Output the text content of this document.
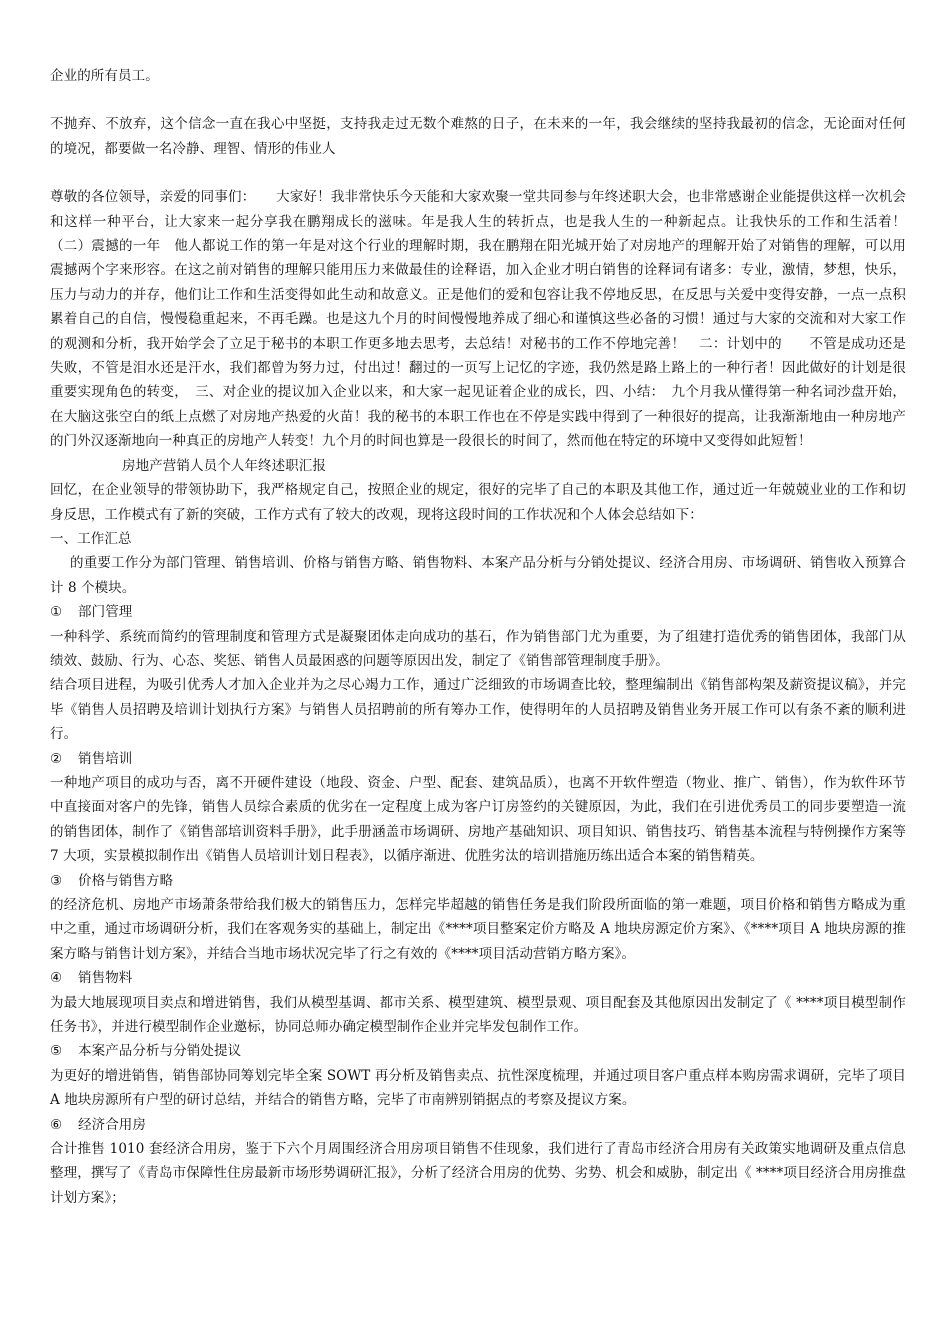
企业的所有员工。

不抛弃、不放弃，这个信念一直在我心中坚挺，支持我走过无数个难熬的日子，在未来的一年，我会继续的坚持我最初的信念，无论面对任何的境况，都要做一名冷静、理智、情形的伟业人

尊敬的各位领导，亲爱的同事们：　　大家好！我非常快乐今天能和大家欢聚一堂共同参与年终述职大会，也非常感谢企业能提供这样一次机会和这样一种平台，让大家来一起分享我在鹏翔成长的滋味。年是我人生的转折点，也是我人生的一种新起点。让我快乐的工作和生活着！　　（二）震撼的一年　他人都说工作的第一年是对这个行业的理解时期，我在鹏翔在阳光城开始了对房地产的理解开始了对销售的理解，可以用震撼两个字来形容。在这之前对销售的理解只能用压力来做最佳的诠释语，加入企业才明白销售的诠释词有诸多：专业，激情，梦想，快乐，压力与动力的并存，他们让工作和生活变得如此生动和故意义。正是他们的爱和包容让我不停地反思，在反思与关爱中变得安静，一点一点积累着自己的自信，慢慢稳重起来，不再毛躁。也是这九个月的时间慢慢地养成了细心和谨慎这些必备的习惯！通过与大家的交流和对大家工作的观测和分析，我开始学会了立足于秘书的本职工作更多地去思考，去总结！对秘书的工作不停地完善！　二：计划中的　　不管是成功还是失败，不管是泪水还是汗水，我们都曾为努力过，付出过！翻过的一页写上记忆的字迹，我仍然是路上路上的一种行者！因此做好的计划是很重要实现角色的转变，　三、对企业的提议加入企业以来，和大家一起见证着企业的成长，四、小结：　九个月我从懂得第一种名词沙盘开始，在大脑这张空白的纸上点燃了对房地产热爱的火苗！我的秘书的本职工作也在不停是实践中得到了一种很好的提高，让我渐渐地由一种房地产的门外汉逐渐地向一种真正的房地产人转变！九个月的时间也算是一段很长的时间了，然而他在特定的环境中又变得如此短暂！

房地产营销人员个人年终述职汇报

回忆，在企业领导的带领协助下，我严格规定自己，按照企业的规定，很好的完毕了自己的本职及其他工作，通过近一年兢兢业业的工作和切身反思，工作模式有了新的突破，工作方式有了较大的改观，现将这段时间的工作状况和个人体会总结如下：

一、工作汇总

的重要工作分为部门管理、销售培训、价格与销售方略、销售物料、本案产品分析与分销处提议、经济合用房、市场调研、销售收入预算合计 8 个模块。

① 部门管理

一种科学、系统而简约的管理制度和管理方式是凝聚团体走向成功的基石，作为销售部门尤为重要，为了组建打造优秀的销售团体，我部门从绩效、鼓励、行为、心态、奖惩、销售人员最困惑的问题等原因出发，制定了《销售部管理制度手册》。

结合项目进程，为吸引优秀人才加入企业并为之尽心竭力工作，通过广泛细致的市场调查比较，整理编制出《销售部构架及薪资提议稿》，并完毕《销售人员招聘及培训计划执行方案》与销售人员招聘前的所有筹办工作，使得明年的人员招聘及销售业务开展工作可以有条不紊的顺利进行。

② 销售培训

一种地产项目的成功与否，离不开硬件建设（地段、资金、户型、配套、建筑品质），也离不开软件塑造（物业、推广、销售），作为软件环节中直接面对客户的先锋，销售人员综合素质的优劣在一定程度上成为客户订房签约的关键原因，为此，我们在引进优秀员工的同步要塑造一流的销售团体，制作了《销售部培训资料手册》，此手册涵盖市场调研、房地产基础知识、项目知识、销售技巧、销售基本流程与特例操作方案等 7 大项，实景模拟制作出《销售人员培训计划日程表》，以循序渐进、优胜劣汰的培训措施历练出适合本案的销售精英。

③ 价格与销售方略

的经济危机、房地产市场萧条带给我们极大的销售压力，怎样完毕超越的销售任务是我们阶段所面临的第一难题，项目价格和销售方略成为重中之重，通过市场调研分析，我们在客观务实的基础上，制定出《****项目整案定价方略及 A 地块房源定价方案》、《****项目 A 地块房源的推案方略与销售计划方案》，并结合当地市场状况完毕了行之有效的《****项目活动营销方略方案》。

④ 销售物料

为最大地展现项目卖点和增进销售，我们从模型基调、都市关系、模型建筑、模型景观、项目配套及其他原因出发制定了《 ****项目模型制作任务书》，并进行模型制作企业邀标，协同总师办确定模型制作企业并完毕发包制作工作。

⑤ 本案产品分析与分销处提议

为更好的增进销售，销售部协同筹划完毕全案 SOWT 再分析及销售卖点、抗性深度梳理，并通过项目客户重点样本购房需求调研，完毕了项目 A 地块房源所有户型的研讨总结，并结合的销售方略，完毕了市南辨别销据点的考察及提议方案。

⑥ 经济合用房

合计推售 1010 套经济合用房，鉴于下六个月周围经济合用房项目销售不佳现象，我们进行了青岛市经济合用房有关政策实地调研及重点信息整理，撰写了《青岛市保障性住房最新市场形势调研汇报》，分析了经济合用房的优势、劣势、机会和威胁，制定出《 ****项目经济合用房推盘计划方案》；
